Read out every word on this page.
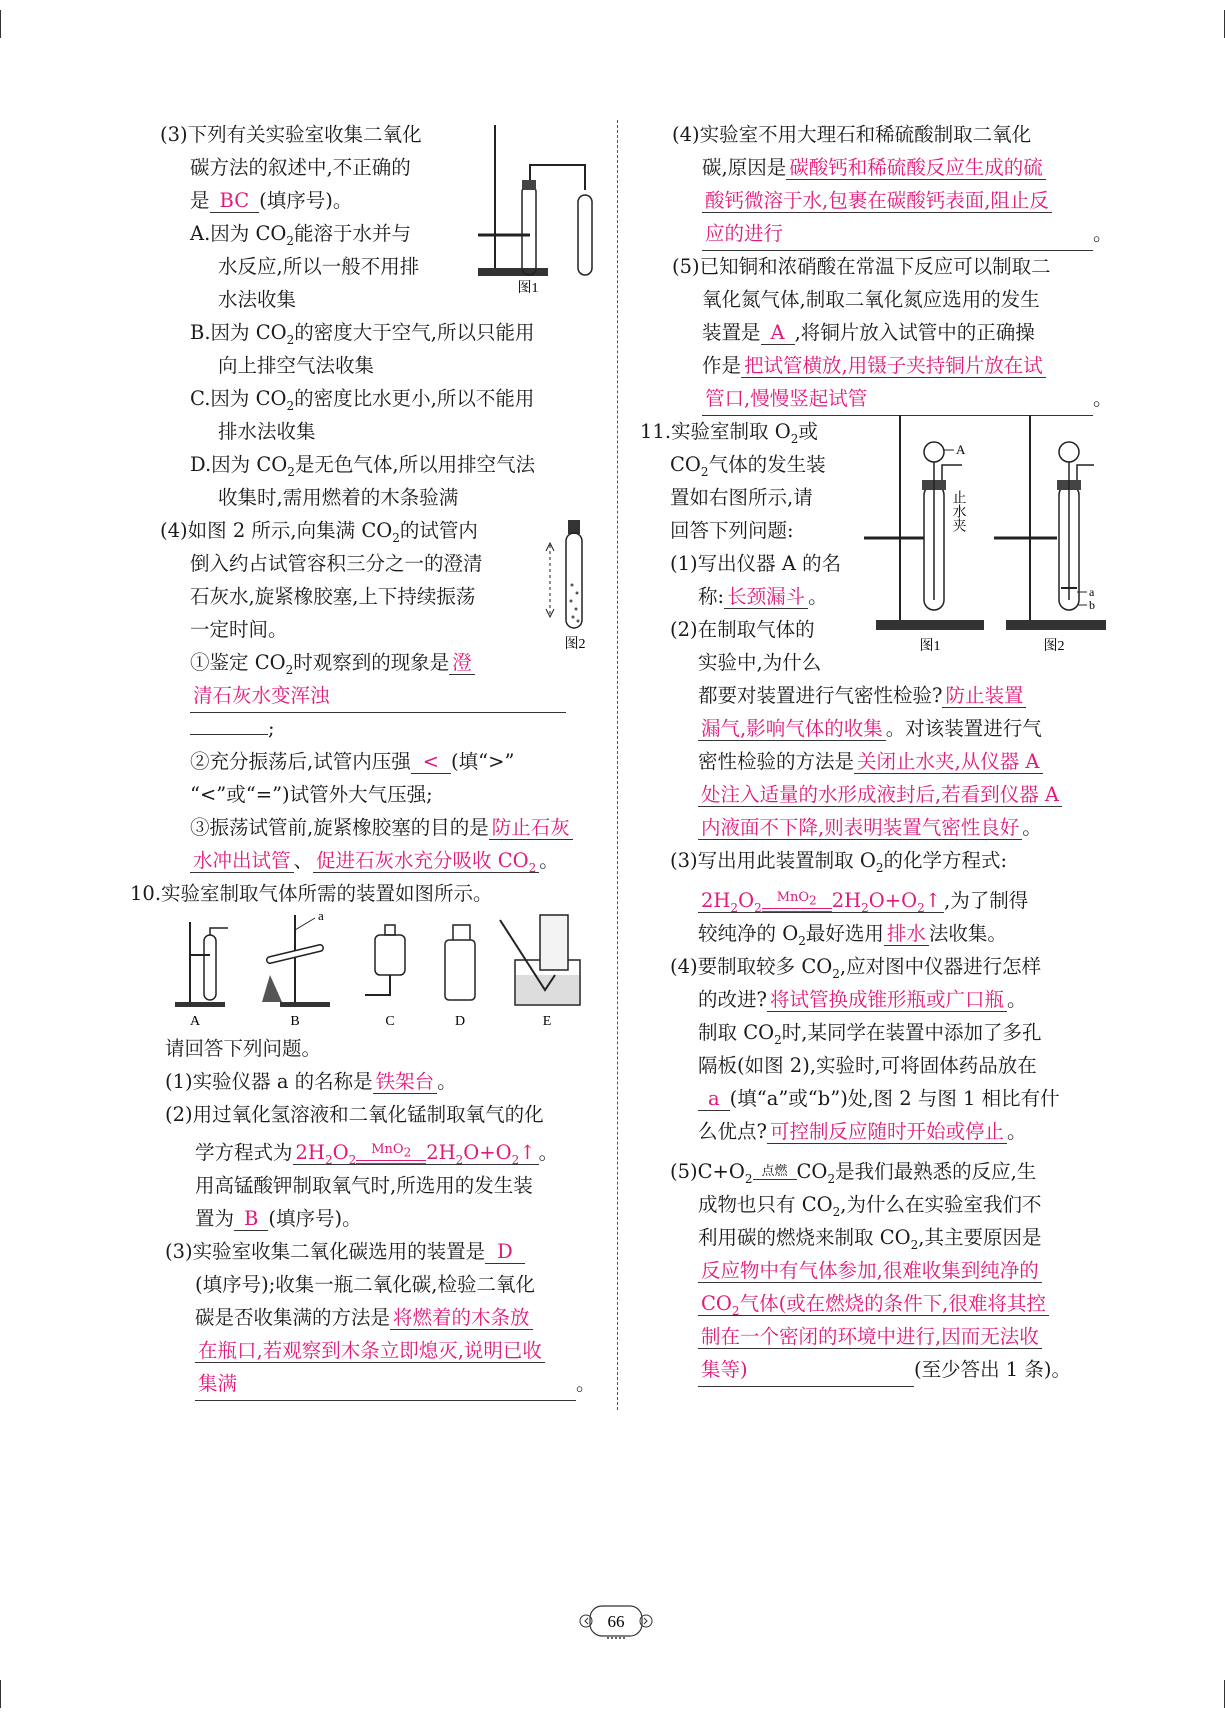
(3)下列有关实验室收集二氧化
碳方法的叙述中,不正确的
是 BC (填序号)。
A.因为 $CO_2$能溶于水并与
水反应,所以一般不用排
水法收集
B.因为 $CO_2$的密度大于空气,所以只能用
向上排空气法收集
C.因为 $CO_2$的密度比水更小,所以不能用
排水法收集
D.因为 $CO_2$是无色气体,所以用排空气法
收集时,需用燃着的木条验满
(4)如图 2 所示,向集满 $CO_2$的试管内
倒入约占试管容积三分之一的澄清
石灰水,旋紧橡胶塞,上下持续振荡
一定时间。
①鉴定 $CO_2$时观察到的现象是 澄
清石灰水变浑浊
;
②充分振荡后,试管内压强 < (填“>”
“<”或“=”)试管外大气压强;
③振荡试管前,旋紧橡胶塞的目的是 防止石灰
水冲出试管 、 促进石灰水充分吸收 $CO_2$ 。
10.实验室制取气体所需的装置如图所示。
图1
图2
a
A	B	C	D	E
请回答下列问题。
(1)实验仪器 a 的名称是 铁架台 。
(2)用过氧化氢溶液和二氧化锰制取氧气的化
学方程式为 $2H_2O_2$
MnO$_2$ $2H_2O+O_2↑$ 。
用高锰酸钾制取氧气时,所选用的发生装
置为 B (填序号)。
(3)实验室收集二氧化碳选用的装置是 D
(填序号);收集一瓶二氧化碳,检验二氧化
碳是否收集满的方法是 将燃着的木条放
在瓶口,若观察到木条立即熄灭,说明已收
集满	。
(4)实验室不用大理石和稀硫酸制取二氧化
碳,原因是 碳酸钙和稀硫酸反应生成的硫
酸钙微溶于水,包裹在碳酸钙表面,阻止反
应的进行	。
(5)已知铜和浓硝酸在常温下反应可以制取二
氧化氮气体,制取二氧化氮应选用的发生
装置是 A ,将铜片放入试管中的正确操
作是 把试管横放,用镊子夹持铜片放在试
管口,慢慢竖起试管	。
11.实验室制取 $O_2$或
$CO_2$气体的发生装
置如右图所示,请
回答下列问题:
(1)写出仪器 A 的名
称: 长颈漏斗 。
(2)在制取气体的
实验中,为什么
都要对装置进行气密性检验? 防止装置
漏气,影响气体的收集 。对该装置进行气
密性检验的方法是 关闭止水夹,从仪器 A
处注入适量的水形成液封后,若看到仪器 A
内液面不下降,则表明装置气密性良好 。
(3)写出用此装置制取 $O_2$的化学方程式:
$2H_2O_2$
MnO$_2$ $2H_2O+O_2↑$ ,为了制得
较纯净的 $O_2$最好选用 排水 法收集。
(4)要制取较多 $CO_2$,应对图中仪器进行怎样
的改进? 将试管换成锥形瓶或广口瓶 。
制取 $CO_2$时,某同学在装置中添加了多孔
隔板(如图 2),实验时,可将固体药品放在
a (填“a”或“b”)处,图 2 与图 1 相比有什
么优点? 可控制反应随时开始或停止 。
$(5)C+O_2$ 点燃 $CO_2$是我们最熟悉的反应,生
成物也只有 $CO_2$,为什么在实验室我们不
利用碳的燃烧来制取 $CO_2$,其主要原因是
反应物中有气体参加,很难收集到纯净的
$CO_2$气体(或在燃烧的条件下,很难将其控
制在一个密闭的环境中进行,因而无法收
集等)	(至少答出 1 条)。
A
止水夹
图1
a
b
图2
66
